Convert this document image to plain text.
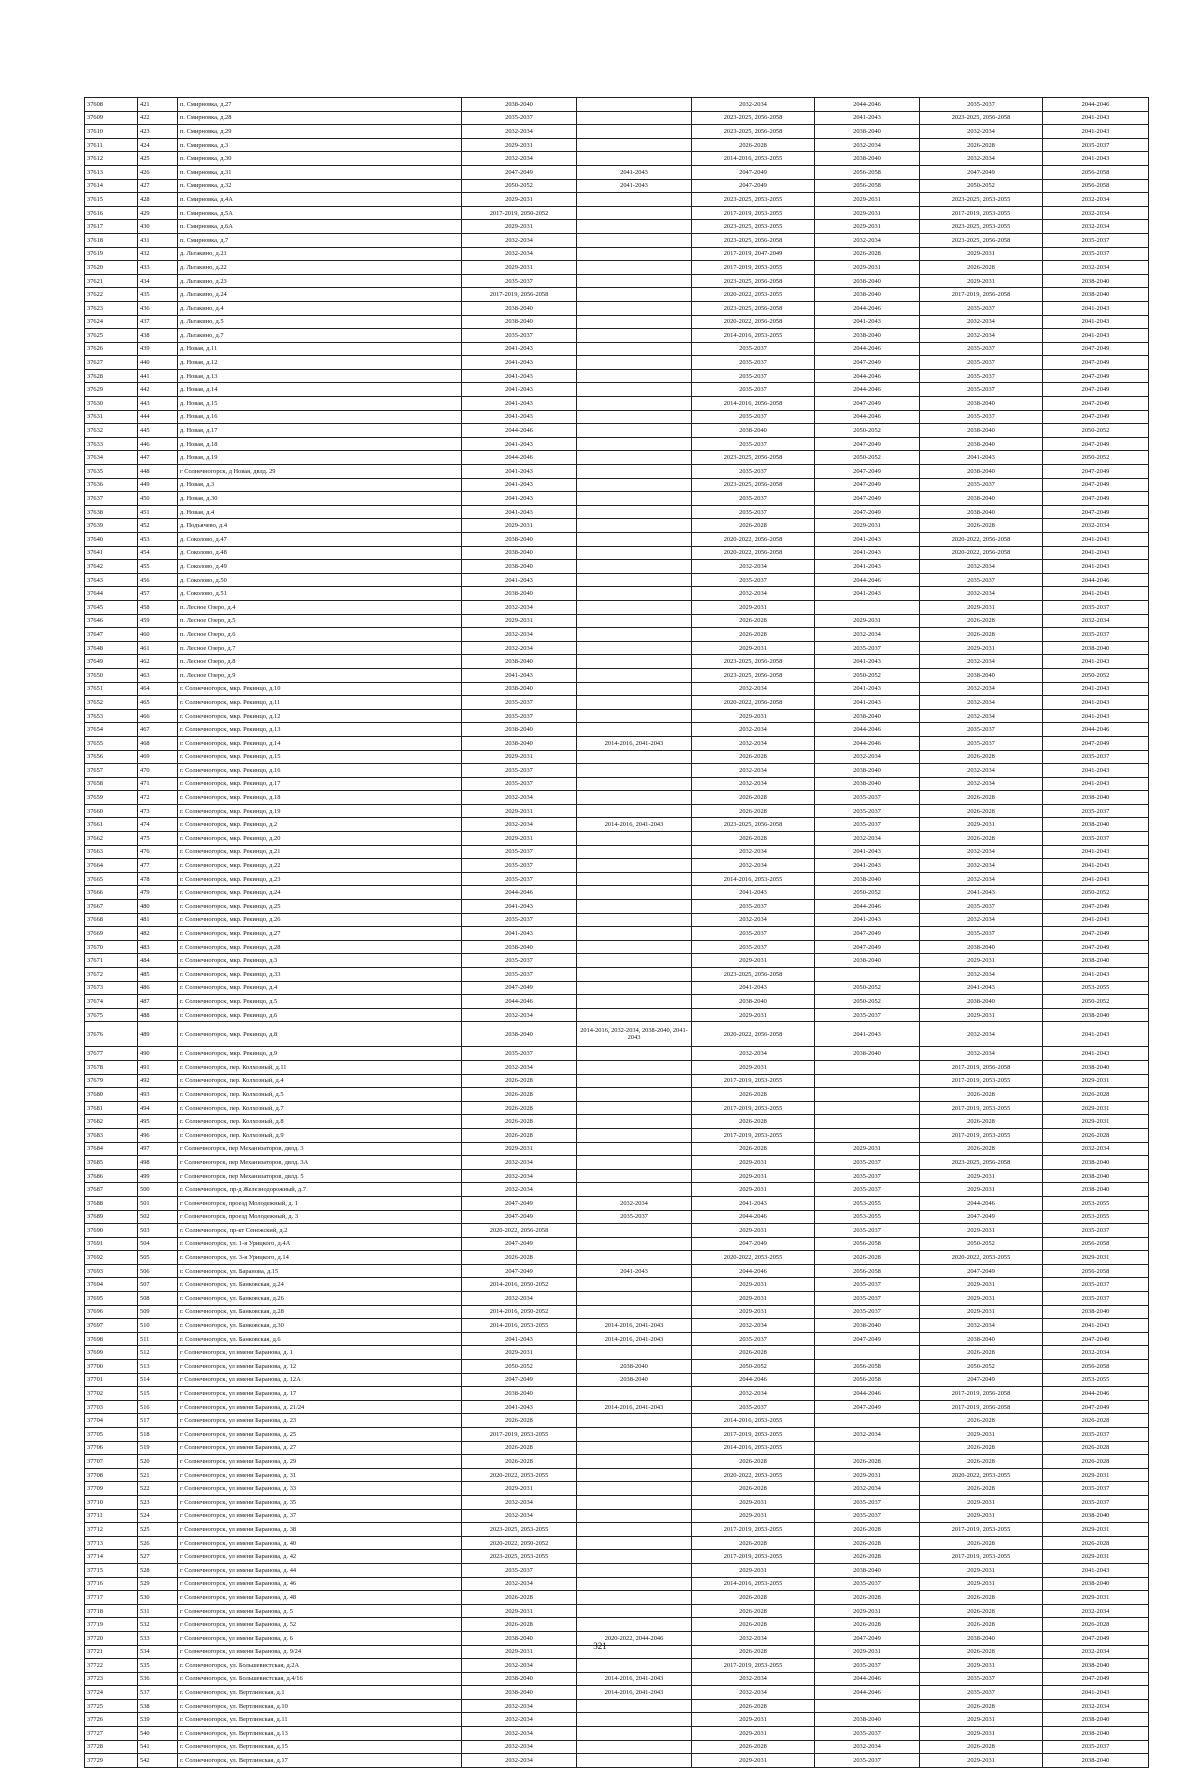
37608	421	п. Смирновка, д.27	2038-2040		2032-2034	2044-2046	2035-2037	2044-2046
37609	422	п. Смирновка, д.28	2035-2037		2023-2025, 2056-2058	2041-2043	2023-2025, 2056-2058	2041-2043
37610	423	п. Смирновка, д.29	2032-2034		2023-2025, 2056-2058	2038-2040	2032-2034	2041-2043
37611	424	п. Смирновка, д.3	2029-2031		2026-2028	2032-2034	2026-2028	2035-2037
37612	425	п. Смирновка, д.30	2032-2034		2014-2016, 2053-2055	2038-2040	2032-2034	2041-2043
37613	426	п. Смирновка, д.31	2047-2049	2041-2043	2047-2049	2056-2058	2047-2049	2056-2058
37614	427	п. Смирновка, д.32	2050-2052	2041-2043	2047-2049	2056-2058	2050-2052	2056-2058
37615	428	п. Смирновка, д.4А	2029-2031		2023-2025, 2053-2055	2029-2031	2023-2025, 2053-2055	2032-2034
37616	429	п. Смирновка, д.5А	2017-2019, 2050-2052		2017-2019, 2053-2055	2029-2031	2017-2019, 2053-2055	2032-2034
37617	430	п. Смирновка, д.6А	2029-2031		2023-2025, 2053-2055	2029-2031	2023-2025, 2053-2055	2032-2034
37618	431	п. Смирновка, д.7	2032-2034		2023-2025, 2056-2058	2032-2034	2023-2025, 2056-2058	2035-2037
37619	432	д. Льтакино, д.21	2032-2034		2017-2019, 2047-2049	2026-2028	2029-2031	2035-2037
37620	433	д. Льтакино, д.22	2029-2031		2017-2019, 2053-2055	2029-2031	2026-2028	2032-2034
37621	434	д. Льтакино, д.23	2035-2037		2023-2025, 2056-2058	2038-2040	2029-2031	2038-2040
37622	435	д. Льтакино, д.24	2017-2019, 2056-2058		2020-2022, 2053-2055	2038-2040	2017-2019, 2056-2058	2038-2040
37623	436	д. Льтакино, д.4	2038-2040		2023-2025, 2056-2058	2044-2046	2035-2037	2041-2043
37624	437	д. Льтакино, д.5	2038-2040		2020-2022, 2056-2058	2041-2043	2032-2034	2041-2043
37625	438	д. Льтакино, д.7	2035-2037		2014-2016, 2053-2055	2038-2040	2032-2034	2041-2043
37626	439	д. Новая, д.11	2041-2043		2035-2037	2044-2046	2035-2037	2047-2049
37627	440	д. Новая, д.12	2041-2043		2035-2037	2047-2049	2035-2037	2047-2049
37628	441	д. Новая, д.13	2041-2043		2035-2037	2044-2046	2035-2037	2047-2049
37629	442	д. Новая, д.14	2041-2043		2035-2037	2044-2046	2035-2037	2047-2049
37630	443	д. Новая, д.15	2041-2043		2014-2016, 2056-2058	2047-2049	2038-2040	2047-2049
37631	444	д. Новая, д.16	2041-2043		2035-2037	2044-2046	2035-2037	2047-2049
37632	445	д. Новая, д.17	2044-2046		2038-2040	2050-2052	2038-2040	2050-2052
37633	446	д. Новая, д.18	2041-2043		2035-2037	2047-2049	2038-2040	2047-2049
37634	447	д. Новая, д.19	2044-2046		2023-2025, 2056-2058	2050-2052	2041-2043	2050-2052
37635	448	г Солнечногорск, д Новая, двлд. 29	2041-2043		2035-2037	2047-2049	2038-2040	2047-2049
37636	449	д. Новая, д.3	2041-2043		2023-2025, 2056-2058	2047-2049	2035-2037	2047-2049
37637	450	д. Новая, д.30	2041-2043		2035-2037	2047-2049	2038-2040	2047-2049
37638	451	д. Новая, д.4	2041-2043		2035-2037	2047-2049	2038-2040	2047-2049
37639	452	д. Подъячево, д.4	2029-2031		2026-2028	2029-2031	2026-2028	2032-2034
37640	453	д. Соколово, д.47	2038-2040		2020-2022, 2056-2058	2041-2043	2020-2022, 2056-2058	2041-2043
37641	454	д. Соколово, д.48	2038-2040		2020-2022, 2056-2058	2041-2043	2020-2022, 2056-2058	2041-2043
37642	455	д. Соколово, д.49	2038-2040		2032-2034	2041-2043	2032-2034	2041-2043
37643	456	д. Соколово, д.50	2041-2043		2035-2037	2044-2046	2035-2037	2044-2046
37644	457	д. Соколово, д.51	2038-2040		2032-2034	2041-2043	2032-2034	2041-2043
37645	458	п. Лесное Озеро, д.4	2032-2034		2029-2031		2029-2031	2035-2037
37646	459	п. Лесное Озеро, д.5	2029-2031		2026-2028	2029-2031	2026-2028	2032-2034
37647	460	п. Лесное Озеро, д.6	2032-2034		2026-2028	2032-2034	2026-2028	2035-2037
37648	461	п. Лесное Озеро, д.7	2032-2034		2029-2031	2035-2037	2029-2031	2038-2040
37649	462	п. Лесное Озеро, д.8	2038-2040		2023-2025, 2056-2058	2041-2043	2032-2034	2041-2043
37650	463	п. Лесное Озеро, д.9	2041-2043		2023-2025, 2056-2058	2050-2052	2038-2040	2050-2052
37651	464	г. Солнечногорск, мкр. Рекинцо, д.10	2038-2040		2032-2034	2041-2043	2032-2034	2041-2043
37652	465	г. Солнечногорск, мкр. Рекинцо, д.11	2035-2037		2020-2022, 2056-2058	2041-2043	2032-2034	2041-2043
37653	466	г. Солнечногорск, мкр. Рекинцо, д.12	2035-2037		2029-2031	2038-2040	2032-2034	2041-2043
37654	467	г. Солнечногорск, мкр. Рекинцо, д.13	2038-2040		2032-2034	2044-2046	2035-2037	2044-2046
37655	468	г. Солнечногорск, мкр. Рекинцо, д.14	2038-2040	2014-2016, 2041-2043	2032-2034	2044-2046	2035-2037	2047-2049
37656	469	г. Солнечногорск, мкр. Рекинцо, д.15	2029-2031		2026-2028	2032-2034	2026-2028	2035-2037
37657	470	г. Солнечногорск, мкр. Рекинцо, д.16	2035-2037		2032-2034	2038-2040	2032-2034	2041-2043
37658	471	г. Солнечногорск, мкр. Рекинцо, д.17	2035-2037		2032-2034	2038-2040	2032-2034	2041-2043
37659	472	г. Солнечногорск, мкр. Рекинцо, д.18	2032-2034		2026-2028	2035-2037	2026-2028	2038-2040
37660	473	г. Солнечногорск, мкр. Рекинцо, д.19	2029-2031		2026-2028	2035-2037	2026-2028	2035-2037
37661	474	г. Солнечногорск, мкр. Рекинцо, д.2	2032-2034	2014-2016, 2041-2043	2023-2025, 2056-2058	2035-2037	2029-2031	2038-2040
37662	475	г. Солнечногорск, мкр. Рекинцо, д.20	2029-2031		2026-2028	2032-2034	2026-2028	2035-2037
37663	476	г. Солнечногорск, мкр. Рекинцо, д.21	2035-2037		2032-2034	2041-2043	2032-2034	2041-2043
37664	477	г. Солнечногорск, мкр. Рекинцо, д.22	2035-2037		2032-2034	2041-2043	2032-2034	2041-2043
37665	478	г. Солнечногорск, мкр. Рекинцо, д.23	2035-2037		2014-2016, 2053-2055	2038-2040	2032-2034	2041-2043
37666	479	г. Солнечногорск, мкр. Рекинцо, д.24	2044-2046		2041-2043	2050-2052	2041-2043	2050-2052
37667	480	г. Солнечногорск, мкр. Рекинцо, д.25	2041-2043		2035-2037	2044-2046	2035-2037	2047-2049
37668	481	г. Солнечногорск, мкр. Рекинцо, д.26	2035-2037		2032-2034	2041-2043	2032-2034	2041-2043
37669	482	г. Солнечногорск, мкр. Рекинцо, д.27	2041-2043		2035-2037	2047-2049	2035-2037	2047-2049
37670	483	г. Солнечногорск, мкр. Рекинцо, д.28	2038-2040		2035-2037	2047-2049	2038-2040	2047-2049
37671	484	г. Солнечногорск, мкр. Рекинцо, д.3	2035-2037		2029-2031	2038-2040	2029-2031	2038-2040
37672	485	г. Солнечногорск, мкр. Рекинцо, д.33	2035-2037		2023-2025, 2056-2058		2032-2034	2041-2043
37673	486	г. Солнечногорск, мкр. Рекинцо, д.4	2047-2049		2041-2043	2050-2052	2041-2043	2053-2055
37674	487	г. Солнечногорск, мкр. Рекинцо, д.5	2044-2046		2038-2040	2050-2052	2038-2040	2050-2052
37675	488	г. Солнечногорск, мкр. Рекинцо, д.6	2032-2034		2029-2031	2035-2037	2029-2031	2038-2040
37676	489	г. Солнечногорск, мкр. Рекинцо, д.8	2038-2040	2014-2016, 2032-2034, 2038-2040, 2041-2043	2020-2022, 2056-2058	2041-2043	2032-2034	2041-2043
37677	490	г. Солнечногорск, мкр. Рекинцо, д.9	2035-2037		2032-2034	2038-2040	2032-2034	2041-2043
37678	491	г. Солнечногорск, пер. Колхозный, д.11	2032-2034		2029-2031		2017-2019, 2056-2058	2038-2040
37679	492	г. Солнечногорск, пер. Колхозный, д.4	2026-2028		2017-2019, 2053-2055		2017-2019, 2053-2055	2029-2031
37680	493	г. Солнечногорск, пер. Колхозный, д.5	2026-2028		2026-2028		2026-2028	2026-2028
37681	494	г. Солнечногорск, пер. Колхозный, д.7	2026-2028		2017-2019, 2053-2055		2017-2019, 2053-2055	2029-2031
37682	495	г. Солнечногорск, пер. Колхозный, д.8	2026-2028		2026-2028		2026-2028	2029-2031
37683	496	г. Солнечногорск, пер. Колхозный, д.9	2026-2028		2017-2019, 2053-2055		2017-2019, 2053-2055	2026-2028
37684	497	г Солнечногорск, пер Механизаторов, двлд. 3	2029-2031		2026-2028	2029-2031	2026-2028	2032-2034
37685	498	г Солнечногорск, пер Механизаторов, двлд. 3А	2032-2034		2029-2031	2035-2037	2023-2025, 2056-2058	2038-2040
37686	499	г Солнечногорск, пер Механизаторов, двлд. 5	2032-2034		2029-2031	2035-2037	2029-2031	2038-2040
37687	500	г. Солнечногорск, пр-д Железнодорожный, д.7	2032-2034		2029-2031	2035-2037	2029-2031	2038-2040
37688	501	г Солнечногорск, проезд Молодежный, д. 1	2047-2049	2032-2034	2041-2043	2053-2055	2044-2046	2053-2055
37689	502	г Солнечногорск, проезд Молодежный, д. 3	2047-2049	2035-2037	2044-2046	2053-2055	2047-2049	2053-2055
37690	503	г. Солнечногорск, пр-кт Сенежский, д.2	2020-2022, 2056-2058		2029-2031	2035-2037	2029-2031	2035-2037
37691	504	г. Солнечногорск, ул. 1-я Урицкого, д.4А	2047-2049		2047-2049	2056-2058	2050-2052	2056-2058
37692	505	г. Солнечногорск, ул. 3-я Урицкого, д.14	2026-2028		2020-2022, 2053-2055	2026-2028	2020-2022, 2053-2055	2029-2031
37693	506	г. Солнечногорск, ул. Баранова, д.15	2047-2049	2041-2043	2044-2046	2056-2058	2047-2049	2056-2058
37694	507	г. Солнечногорск, ул. Банковская, д.24	2014-2016, 2050-2052		2029-2031	2035-2037	2029-2031	2035-2037
37695	508	г. Солнечногорск, ул. Банковская, д.26	2032-2034		2029-2031	2035-2037	2029-2031	2035-2037
37696	509	г. Солнечногорск, ул. Банковская, д.28	2014-2016, 2050-2052		2029-2031	2035-2037	2029-2031	2038-2040
37697	510	г. Солнечногорск, ул. Банковская, д.30	2014-2016, 2053-2055	2014-2016, 2041-2043	2032-2034	2038-2040	2032-2034	2041-2043
37698	511	г. Солнечногорск, ул. Банковская, д.6	2041-2043	2014-2016, 2041-2043	2035-2037	2047-2049	2038-2040	2047-2049
37699	512	г Солнечногорск, ул имени Баранова, д. 1	2029-2031		2026-2028		2026-2028	2032-2034
37700	513	г Солнечногорск, ул имени Баранова, д. 12	2050-2052	2038-2040	2050-2052	2056-2058	2050-2052	2056-2058
37701	514	г Солнечногорск, ул имени Баранова, д. 12А	2047-2049	2038-2040	2044-2046	2056-2058	2047-2049	2053-2055
37702	515	г Солнечногорск, ул имени Баранова, д. 17	2038-2040		2032-2034	2044-2046	2017-2019, 2056-2058	2044-2046
37703	516	г Солнечногорск, ул имени Баранова, д. 21/24	2041-2043	2014-2016, 2041-2043	2035-2037	2047-2049	2017-2019, 2056-2058	2047-2049
37704	517	г Солнечногорск, ул имени Баранова, д. 23	2026-2028		2014-2016, 2053-2055		2026-2028	2026-2028
37705	518	г Солнечногорск, ул имени Баранова, д. 25	2017-2019, 2053-2055		2017-2019, 2053-2055	2032-2034	2029-2031	2035-2037
37706	519	г Солнечногорск, ул имени Баранова, д. 27	2026-2028		2014-2016, 2053-2055		2026-2028	2026-2028
37707	520	г Солнечногорск, ул имени Баранова, д. 29	2026-2028		2026-2028	2026-2028	2026-2028	2026-2028
37708	521	г Солнечногорск, ул имени Баранова, д. 31	2020-2022, 2053-2055		2020-2022, 2053-2055	2029-2031	2020-2022, 2053-2055	2029-2031
37709	522	г Солнечногорск, ул имени Баранова, д. 33	2029-2031		2026-2028	2032-2034	2026-2028	2035-2037
37710	523	г Солнечногорск, ул имени Баранова, д. 35	2032-2034		2029-2031	2035-2037	2029-2031	2035-2037
37711	524	г Солнечногорск, ул имени Баранова, д. 37	2032-2034		2029-2031	2035-2037	2029-2031	2038-2040
37712	525	г Солнечногорск, ул имени Баранова, д. 38	2023-2025, 2053-2055		2017-2019, 2053-2055	2026-2028	2017-2019, 2053-2055	2029-2031
37713	526	г Солнечногорск, ул имени Баранова, д. 40	2020-2022, 2050-2052		2026-2028	2026-2028	2026-2028	2026-2028
37714	527	г Солнечногорск, ул имени Баранова, д. 42	2023-2025, 2053-2055		2017-2019, 2053-2055	2026-2028	2017-2019, 2053-2055	2029-2031
37715	528	г Солнечногорск, ул имени Баранова, д. 44	2035-2037		2029-2031	2038-2040	2029-2031	2041-2043
37716	529	г Солнечногорск, ул имени Баранова, д. 46	2032-2034		2014-2016, 2053-2055	2035-2037	2029-2031	2038-2040
37717	530	г Солнечногорск, ул имени Баранова, д. 48	2026-2028		2026-2028	2026-2028	2026-2028	2029-2031
37718	531	г Солнечногорск, ул имени Баранова, д. 5	2029-2031		2026-2028	2029-2031	2026-2028	2032-2034
37719	532	г Солнечногорск, ул имени Баранова, д. 52	2026-2028		2026-2028	2026-2028	2026-2028	2026-2028
37720	533	г Солнечногорск, ул имени Баранова, д. 6	2038-2040	2020-2022, 2044-2046	2032-2034	2047-2049	2038-2040	2047-2049
37721	534	г Солнечногорск, ул имени Баранова, д. 9/24	2029-2031		2026-2028	2029-2031	2026-2028	2032-2034
37722	535	г. Солнечногорск, ул. Большевистская, д.2А	2032-2034		2017-2019, 2053-2055	2035-2037	2029-2031	2038-2040
37723	536	г. Солнечногорск, ул. Большевистская, д.4/16	2038-2040	2014-2016, 2041-2043	2032-2034	2044-2046	2035-2037	2047-2049
37724	537	г. Солнечногорск, ул. Вертлинская, д.1	2038-2040	2014-2016, 2041-2043	2032-2034	2044-2046	2035-2037	2041-2043
37725	538	г. Солнечногорск, ул. Вертлинская, д.10	2032-2034		2026-2028		2026-2028	2032-2034
37726	539	г. Солнечногорск, ул. Вертлинская, д.11	2032-2034		2029-2031	2038-2040	2029-2031	2038-2040
37727	540	г. Солнечногорск, ул. Вертлинская, д.13	2032-2034		2029-2031	2035-2037	2029-2031	2038-2040
37728	541	г. Солнечногорск, ул. Вертлинская, д.15	2032-2034		2026-2028	2032-2034	2026-2028	2035-2037
37729	542	г. Солнечногорск, ул. Вертлинская, д.17	2032-2034		2029-2031	2035-2037	2029-2031	2038-2040
321
